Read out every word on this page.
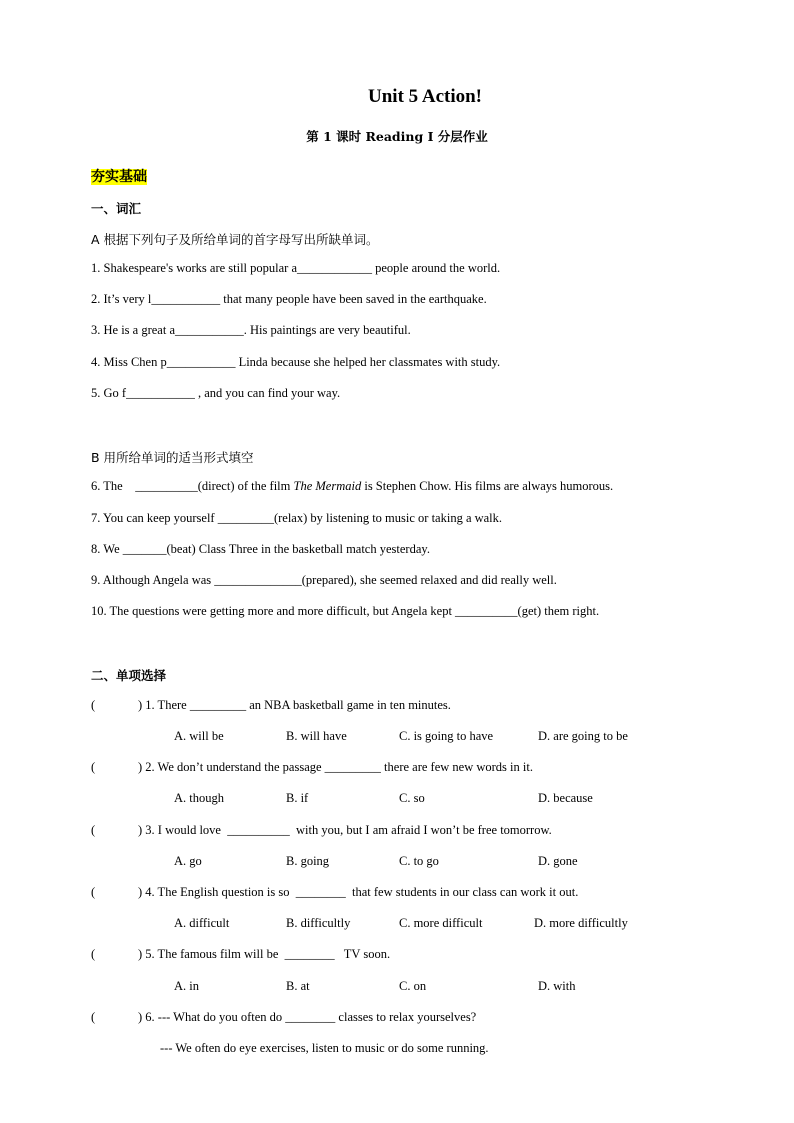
Unit 5 Action!
第 1 课时 Reading I 分层作业
夯实基础
一、词汇
A 根据下列句子及所给单词的首字母写出所缺单词。
1. Shakespeare's works are still popular a____________ people around the world.
2. It’s very l___________ that many people have been saved in the earthquake.
3. He is a great a___________. His paintings are very beautiful.
4. Miss Chen p___________ Linda because she helped her classmates with study.
5. Go f___________ , and you can find your way.
B 用所给单词的适当形式填空
6. The    __________(direct) of the film The Mermaid is Stephen Chow. His films are always humorous.
7. You can keep yourself _________(relax) by listening to music or taking a walk.
8. We _______(beat) Class Three in the basketball match yesterday.
9. Although Angela was ______________(prepared), she seemed relaxed and did really well.
10. The questions were getting more and more difficult, but Angela kept __________(get) them right.
二、单项选择
(	) 1. There _________ an NBA basketball game in ten minutes.
A. will be	B. will have	C. is going to have	D. are going to be
(	) 2. We don’t understand the passage _________ there are few new words in it.
A. though	B. if	C. so	D. because
(	) 3. I would love  __________  with you, but I am afraid I won’t be free tomorrow.
A. go	B. going	C. to go	D. gone
(	) 4. The English question is so  ________  that few students in our class can work it out.
A. difficult	B. difficultly	C. more difficult	D. more difficultly
(	) 5. The famous film will be  ________   TV soon.
A. in	B. at	C. on	D. with
(	) 6. --- What do you often do ________ classes to relax yourselves?
--- We often do eye exercises, listen to music or do some running.
